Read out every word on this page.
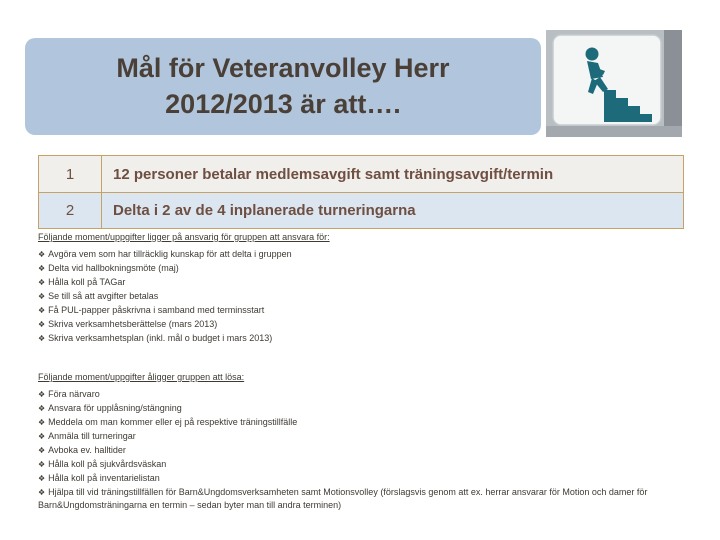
Mål för Veteranvolley Herr 2012/2013 är att….
1	12 personer betalar medlemsavgift samt träningsavgift/termin
2	Delta i 2 av de 4 inplanerade turneringarna
Följande moment/uppgifter ligger på ansvarig för gruppen att ansvara för:
❖ Avgöra vem som har tillräcklig kunskap för att delta i gruppen
❖ Delta vid hallbokningsmöte (maj)
❖ Hålla koll på TAGar
❖ Se till så att avgifter betalas
❖ Få PUL-papper påskrivna i samband med terminsstart
❖ Skriva verksamhetsberättelse (mars 2013)
❖ Skriva verksamhetsplan (inkl. mål o budget i mars 2013)
Följande moment/uppgifter åligger gruppen att lösa:
❖ Föra närvaro
❖ Ansvara för upplåsning/stängning
❖ Meddela om man kommer eller ej på respektive träningstillfälle
❖ Anmäla till turneringar
❖ Avboka ev. halltider
❖ Hålla koll på sjukvårdsväskan
❖ Hålla koll på inventarielistan
❖ Hjälpa till vid träningstillfällen för Barn&Ungdomsverksamheten samt Motionsvolley (förslagsvis genom att ex. herrar ansvarar för Motion och damer för Barn&Ungdomsträningarna en termin – sedan byter man till andra terminen)
